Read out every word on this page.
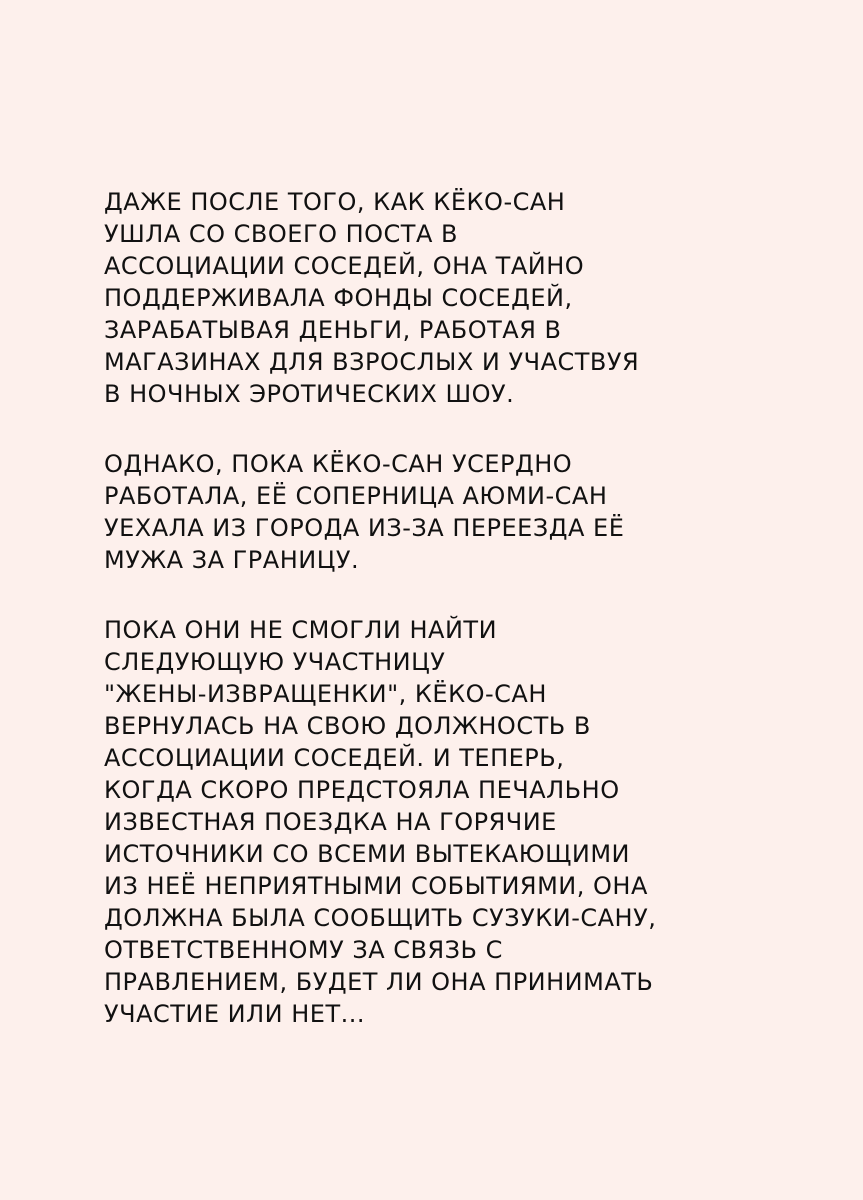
ДАЖЕ ПОСЛЕ ТОГО, КАК КЁКО-САН
УШЛА СО СВОЕГО ПОСТА В
АССОЦИАЦИИ СОСЕДЕЙ, ОНА ТАЙНО
ПОДДЕРЖИВАЛА ФОНДЫ СОСЕДЕЙ,
ЗАРАБАТЫВАЯ ДЕНЬГИ, РАБОТАЯ В
МАГАЗИНАХ ДЛЯ ВЗРОСЛЫХ И УЧАСТВУЯ
В НОЧНЫХ ЭРОТИЧЕСКИХ ШОУ.
ОДНАКО, ПОКА КЁКО-САН УСЕРДНО
РАБОТАЛА, ЕЁ СОПЕРНИЦА АЮМИ-САН
УЕХАЛА ИЗ ГОРОДА ИЗ-ЗА ПЕРЕЕЗДА ЕЁ
МУЖА ЗА ГРАНИЦУ.
ПОКА ОНИ НЕ СМОГЛИ НАЙТИ
СЛЕДУЮЩУЮ УЧАСТНИЦУ
"ЖЕНЫ-ИЗВРАЩЕНКИ", КЁКО-САН
ВЕРНУЛАСЬ НА СВОЮ ДОЛЖНОСТЬ В
АССОЦИАЦИИ СОСЕДЕЙ. И ТЕПЕРЬ,
КОГДА СКОРО ПРЕДСТОЯЛА ПЕЧАЛЬНО
ИЗВЕСТНАЯ ПОЕЗДКА НА ГОРЯЧИЕ
ИСТОЧНИКИ СО ВСЕМИ ВЫТЕКАЮЩИМИ
ИЗ НЕЁ НЕПРИЯТНЫМИ СОБЫТИЯМИ, ОНА
ДОЛЖНА БЫЛА СООБЩИТЬ СУЗУКИ-САНУ,
ОТВЕТСТВЕННОМУ ЗА СВЯЗЬ С
ПРАВЛЕНИЕМ, БУДЕТ ЛИ ОНА ПРИНИМАТЬ
УЧАСТИЕ ИЛИ НЕТ...
